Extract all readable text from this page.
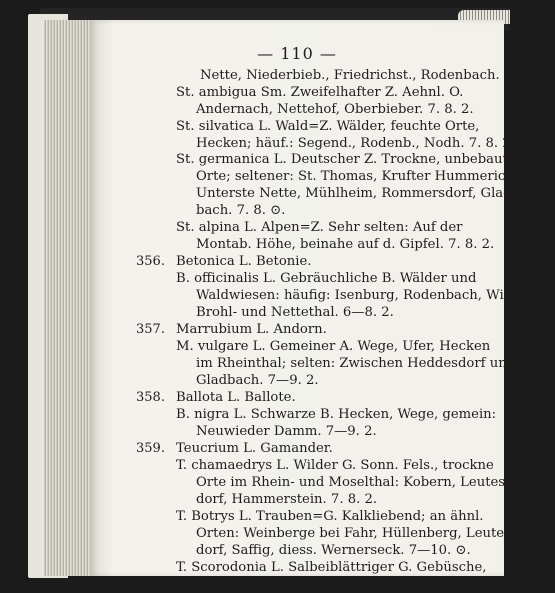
— 110 —
Nette, Niederbieb., Friedrichst., Rodenbach. 6—8. 2.
St. ambigua Sm. Zweifelhafter Z. Aehnl. O.
Andernach, Nettehof, Oberbieber. 7. 8. 2.
St. silvatica L. Wald=Z. Wälder, feuchte Orte,
Hecken; häuf.: Segend., Rodenb., Nodh. 7. 8. 2.
St. germanica L. Deutscher Z. Trockne, unbebaute
Orte; seltener: St. Thomas, Krufter Hummerich,
Unterste Nette, Mühlheim, Rommersdorf, Gladbach.
bach. 7. 8. ⊙.
St. alpina L. Alpen=Z. Sehr selten: Auf der
Montab. Höhe, beinahe auf d. Gipfel. 7. 8. 2.
356. Betonica L. Betonie.
B. officinalis L. Gebräuchliche B. Wälder und
Waldwiesen: häufig: Isenburg, Rodenbach, Wied-
Brohl- und Nettethal. 6—8. 2.
357. Marrubium L. Andorn.
M. vulgare L. Gemeiner A. Wege, Ufer, Hecken
im Rheinthal; selten: Zwischen Heddesdorf und
Gladbach. 7—9. 2.
358. Ballota L. Ballote.
B. nigra L. Schwarze B. Hecken, Wege, gemein:
Neuwieder Damm. 7—9. 2.
359. Teucrium L. Gamander.
T. chamaedrys L. Wilder G. Sonn. Fels., trockne
Orte im Rhein- und Moselthal: Kobern, Leutes-
dorf, Hammerstein. 7. 8. 2.
T. Botrys L. Trauben=G. Kalkliebend; an ähnl.
Orten: Weinberge bei Fahr, Hüllenberg, Leutes-
dorf, Saffig, diess. Wernerseck. 7—10. ⊙.
T. Scorodonia L. Salbeiblättriger G. Gebüsche,
Hecken, Waldränder, bes. im Gebirge: Melsbach,
